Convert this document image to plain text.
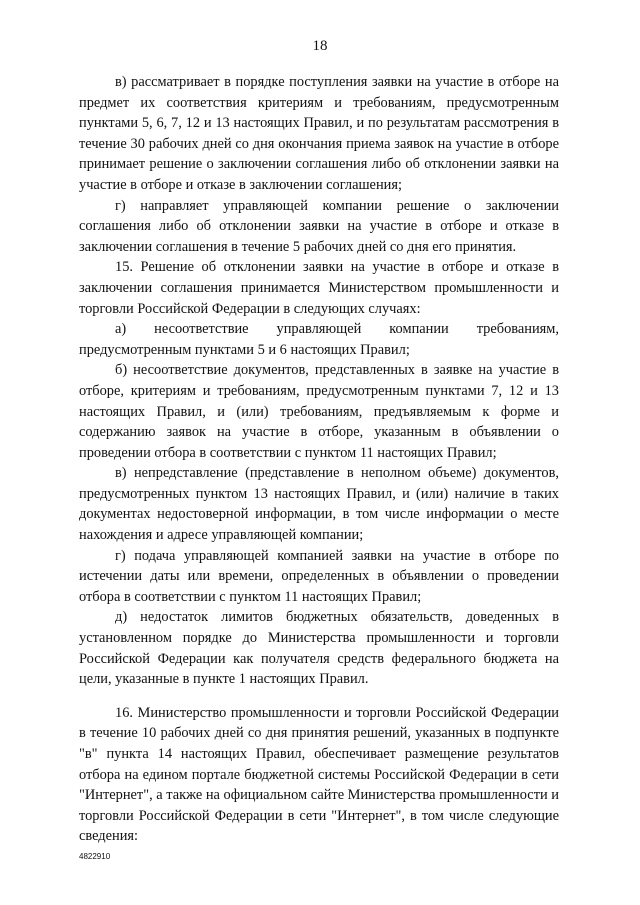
18

в) рассматривает в порядке поступления заявки на участие в отборе на предмет их соответствия критериям и требованиям, предусмотренным пунктами 5, 6, 7, 12 и 13 настоящих Правил, и по результатам рассмотрения в течение 30 рабочих дней со дня окончания приема заявок на участие в отборе принимает решение о заключении соглашения либо об отклонении заявки на участие в отборе и отказе в заключении соглашения;

г) направляет управляющей компании решение о заключении соглашения либо об отклонении заявки на участие в отборе и отказе в заключении соглашения в течение 5 рабочих дней со дня его принятия.

15. Решение об отклонении заявки на участие в отборе и отказе в заключении соглашения принимается Министерством промышленности и торговли Российской Федерации в следующих случаях:

а) несоответствие управляющей компании требованиям, предусмотренным пунктами 5 и 6 настоящих Правил;

б) несоответствие документов, представленных в заявке на участие в отборе, критериям и требованиям, предусмотренным пунктами 7, 12 и 13 настоящих Правил, и (или) требованиям, предъявляемым к форме и содержанию заявок на участие в отборе, указанным в объявлении о проведении отбора в соответствии с пунктом 11 настоящих Правил;

в) непредставление (представление в неполном объеме) документов, предусмотренных пунктом 13 настоящих Правил, и (или) наличие в таких документах недостоверной информации, в том числе информации о месте нахождения и адресе управляющей компании;

г) подача управляющей компанией заявки на участие в отборе по истечении даты или времени, определенных в объявлении о проведении отбора в соответствии с пунктом 11 настоящих Правил;

д) недостаток лимитов бюджетных обязательств, доведенных в установленном порядке до Министерства промышленности и торговли Российской Федерации как получателя средств федерального бюджета на цели, указанные в пункте 1 настоящих Правил.

16. Министерство промышленности и торговли Российской Федерации в течение 10 рабочих дней со дня принятия решений, указанных в подпункте "в" пункта 14 настоящих Правил, обеспечивает размещение результатов отбора на едином портале бюджетной системы Российской Федерации в сети "Интернет", а также на официальном сайте Министерства промышленности и торговли Российской Федерации в сети "Интернет", в том числе следующие сведения:

4822910
